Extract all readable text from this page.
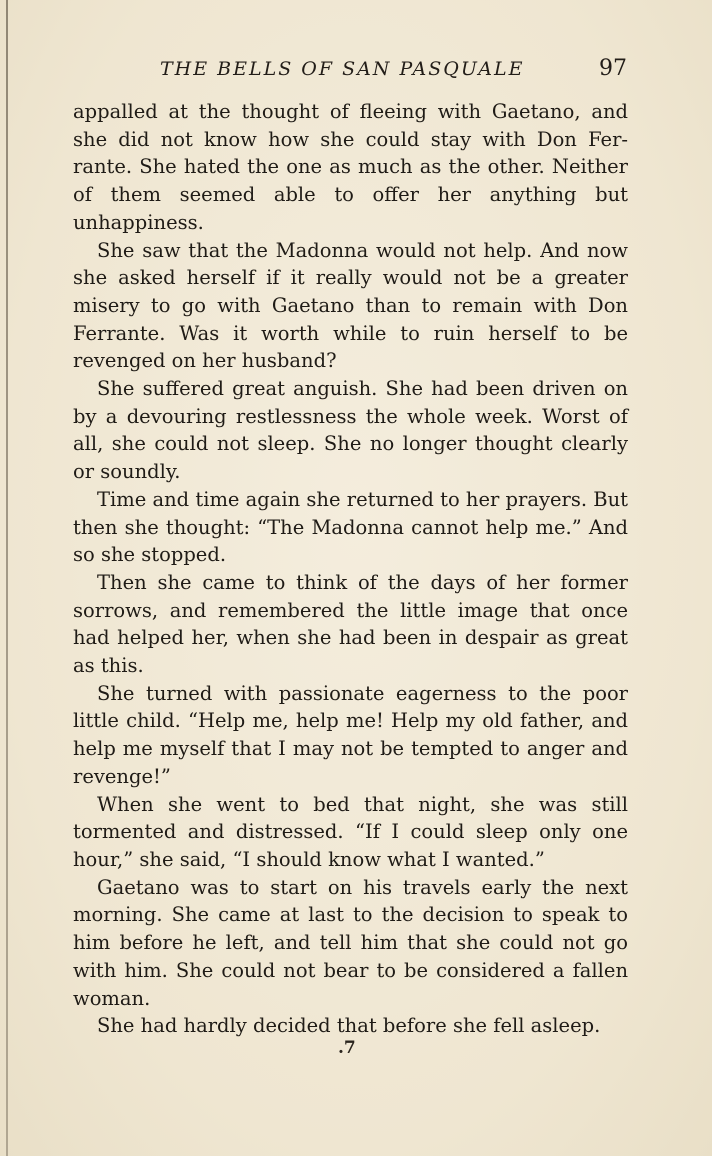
THE BELLS OF SAN PASQUALE	97

appalled at the thought of fleeing with Gaetano, and she did not know how she could stay with Don Ferrante. She hated the one as much as the other. Neither of them seemed able to offer her anything but unhappiness.

She saw that the Madonna would not help. And now she asked herself if it really would not be a greater misery to go with Gaetano than to remain with Don Ferrante. Was it worth while to ruin herself to be revenged on her husband?

She suffered great anguish. She had been driven on by a devouring restlessness the whole week. Worst of all, she could not sleep. She no longer thought clearly or soundly.

Time and time again she returned to her prayers. But then she thought: “The Madonna cannot help me.” And so she stopped.

Then she came to think of the days of her former sorrows, and remembered the little image that once had helped her, when she had been in despair as great as this.

She turned with passionate eagerness to the poor little child. “Help me, help me! Help my old father, and help me myself that I may not be tempted to anger and revenge!”

When she went to bed that night, she was still tormented and distressed. “If I could sleep only one hour,” she said, “I should know what I wanted.”

Gaetano was to start on his travels early the next morning. She came at last to the decision to speak to him before he left, and tell him that she could not go with him. She could not bear to be considered a fallen woman.

She had hardly decided that before she fell asleep.

.7
